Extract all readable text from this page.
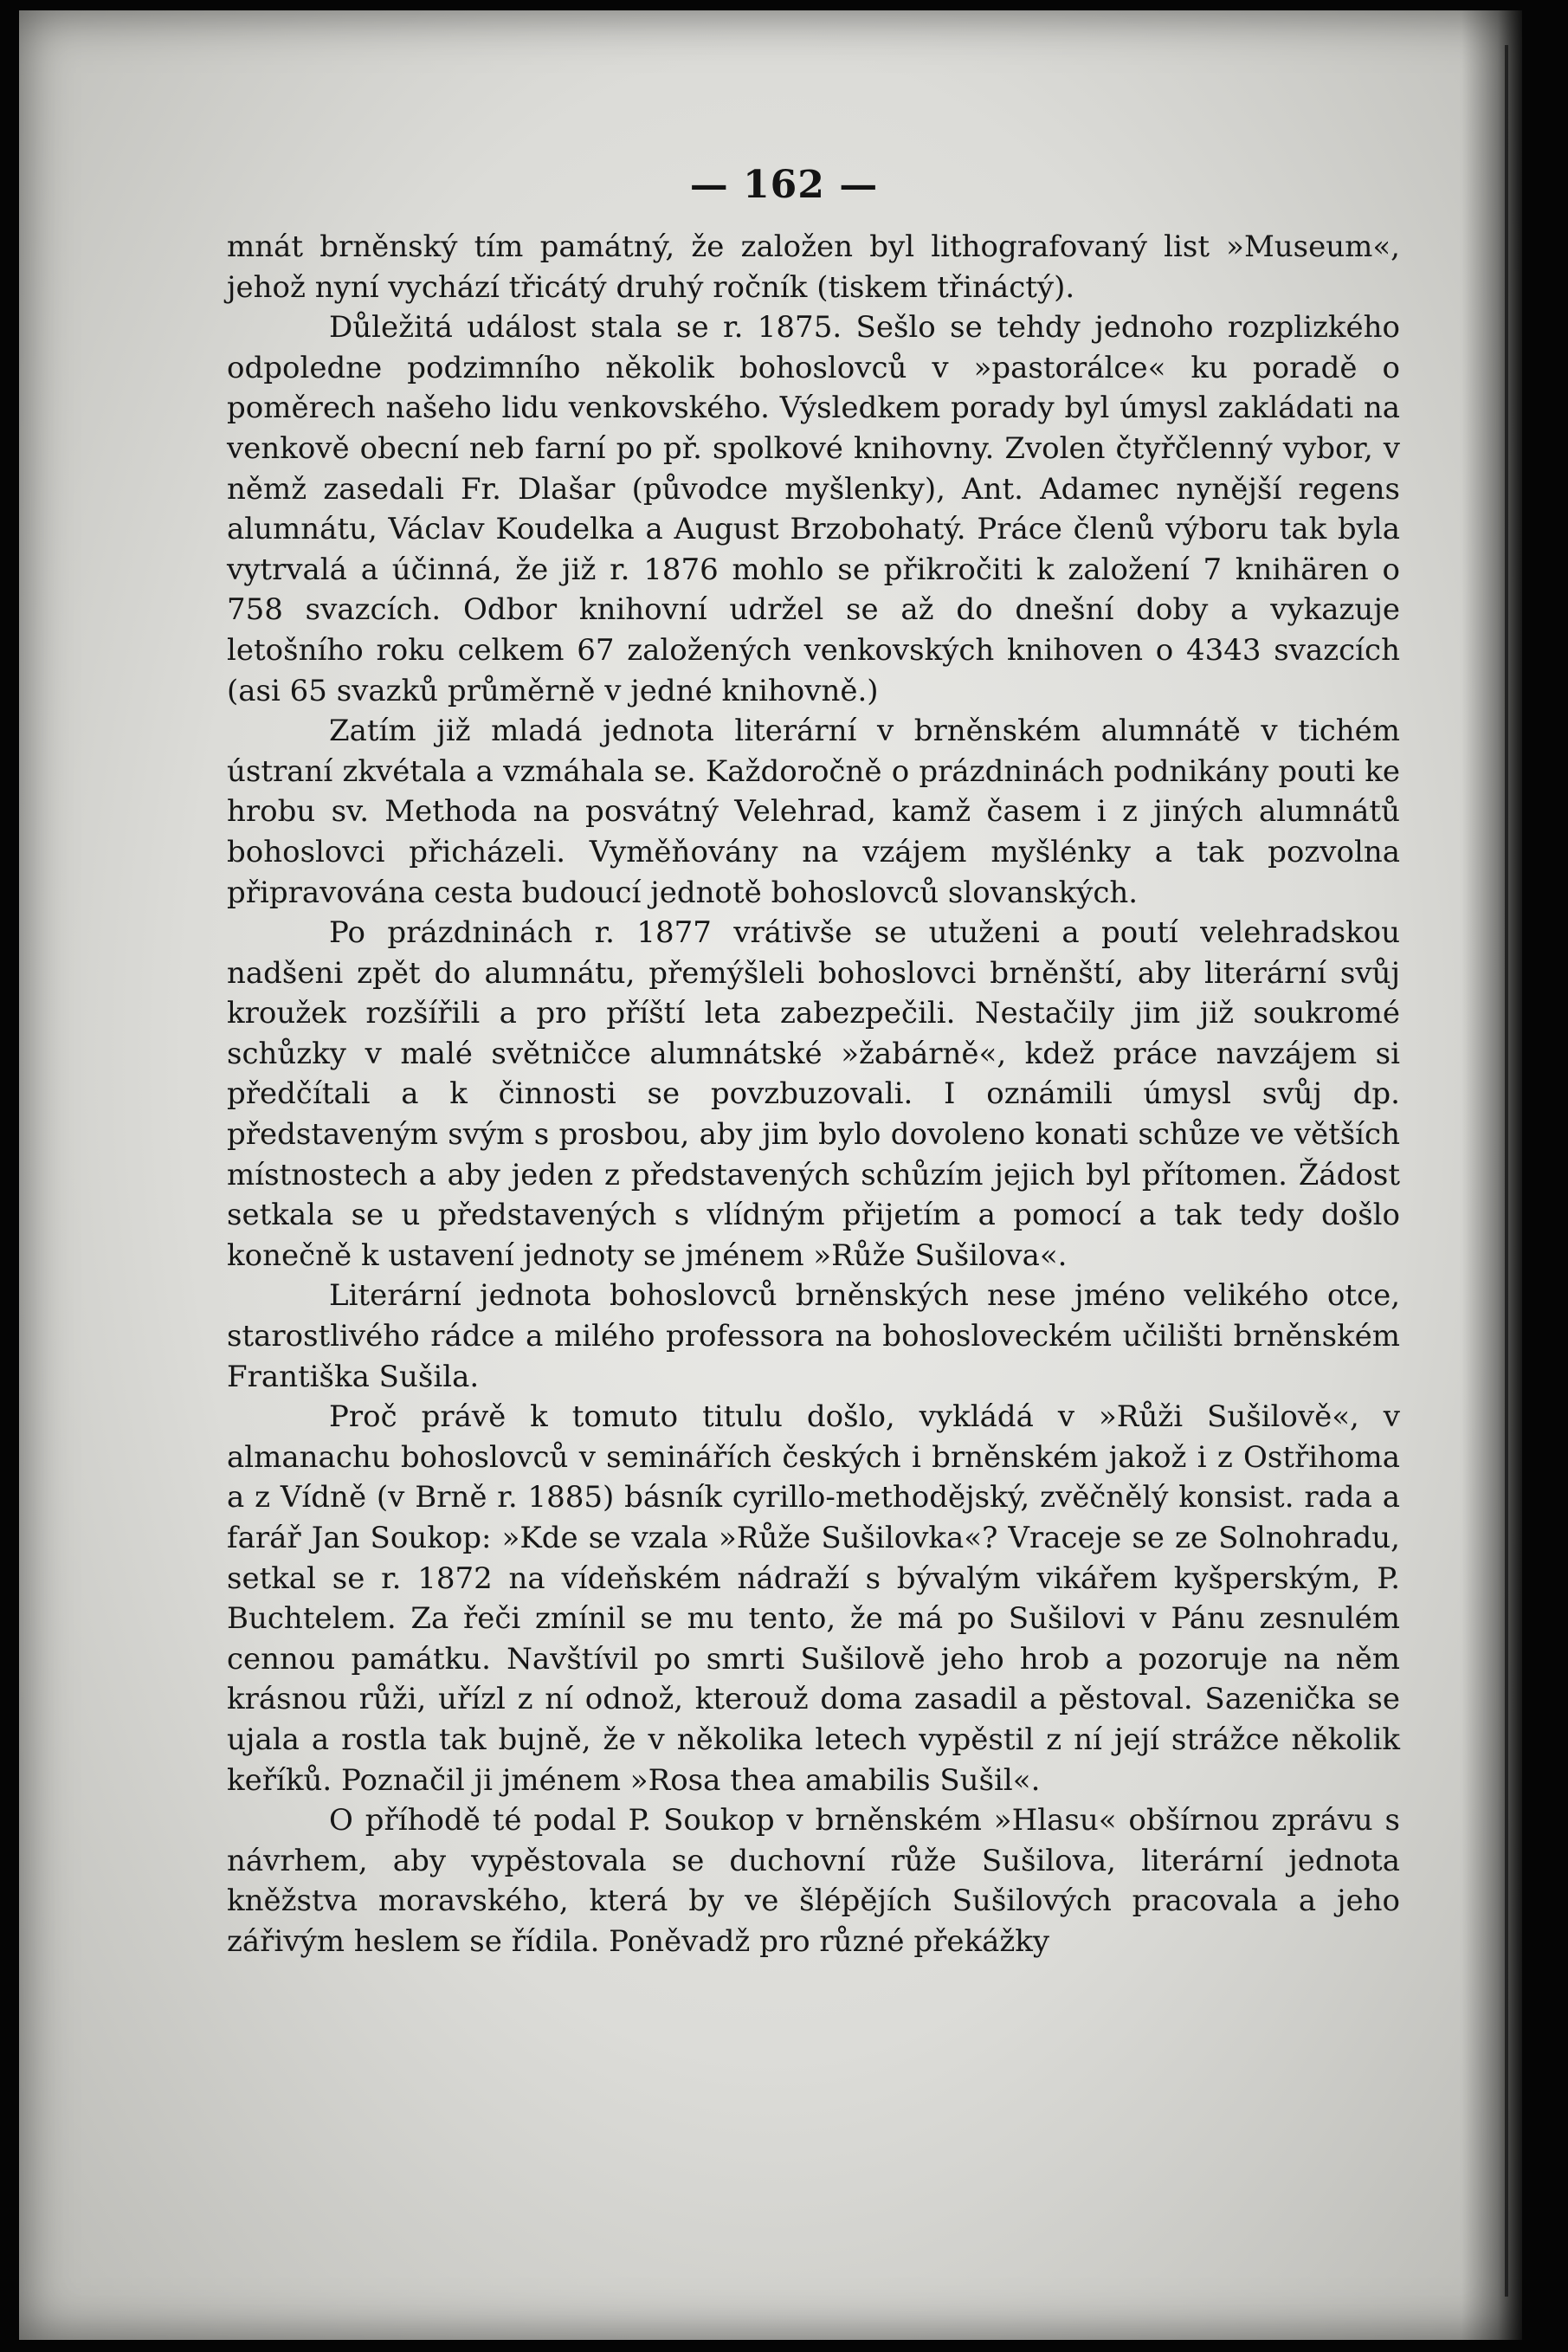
— 162 —

mnát brněnský tím památný, že založen byl lithografovaný list »Museum«, jehož nyní vychází třicátý druhý ročník (tiskem třináctý).

Důležitá událost stala se r. 1875. Sešlo se tehdy jednoho rozplizkého odpoledne podzimního několik bohoslovců v »pastorálce« ku poradě o poměrech našeho lidu venkovského. Výsledkem porady byl úmysl zakládati na venkově obecní neb farní po př. spolkové knihovny. Zvolen čtyřčlenný vybor, v němž zasedali Fr. Dlašar (původce myšlenky), Ant. Adamec nynější regens alumnátu, Václav Koudelka a August Brzobohatý. Práce členů výboru tak byla vytrvalá a účinná, že již r. 1876 mohlo se přikročiti k založení 7 knihären o 758 svazcích. Odbor knihovní udržel se až do dnešní doby a vykazuje letošního roku celkem 67 založených venkovských knihoven o 4343 svazcích (asi 65 svazků průměrně v jedné knihovně.)

Zatím již mladá jednota literární v brněnském alumnátě v tichém ústraní zkvétala a vzmáhala se. Každoročně o prázdninách podnikány pouti ke hrobu sv. Methoda na posvátný Velehrad, kamž časem i z jiných alumnátů bohoslovci přicházeli. Vyměňovány na vzájem myšlénky a tak pozvolna připravována cesta budoucí jednotě bohoslovců slovanských.

Po prázdninách r. 1877 vrátivše se utuženi a poutí velehradskou nadšeni zpět do alumnátu, přemýšleli bohoslovci brněnští, aby literární svůj kroužek rozšířili a pro příští leta zabezpečili. Nestačily jim již soukromé schůzky v malé světničce alumnátské »žabárně«, kdež práce navzájem si předčítali a k činnosti se povzbuzovali. I oznámili úmysl svůj dp. představeným svým s prosbou, aby jim bylo dovoleno konati schůze ve větších místnostech a aby jeden z představených schůzím jejich byl přítomen. Žádost setkala se u představených s vlídným přijetím a pomocí a tak tedy došlo konečně k ustavení jednoty se jménem »Růže Sušilova«.

Literární jednota bohoslovců brněnských nese jméno velikého otce, starostlivého rádce a milého professora na bohosloveckém učilišti brněnském Františka Sušila.

Proč právě k tomuto titulu došlo, vykládá v »Růži Sušilově«, v almanachu bohoslovců v seminářích českých i brněnském jakož i z Ostřihoma a z Vídně (v Brně r. 1885) básník cyrillo-methodějský, zvěčnělý konsist. rada a farář Jan Soukop: »Kde se vzala »Růže Sušilovka«? Vraceje se ze Solnohradu, setkal se r. 1872 na vídeňském nádraží s bývalým vikářem kyšperským, P. Buchtelem. Za řeči zmínil se mu tento, že má po Sušilovi v Pánu zesnulém cennou památku. Navštívil po smrti Sušilově jeho hrob a pozoruje na něm krásnou růži, uřízl z ní odnož, kterouž doma zasadil a pěstoval. Sazenička se ujala a rostla tak bujně, že v několika letech vypěstil z ní její strážce několik keříků. Poznačil ji jménem »Rosa thea amabilis Sušil«.

O příhodě té podal P. Soukop v brněnském »Hlasu« obšírnou zprávu s návrhem, aby vypěstovala se duchovní růže Sušilova, literární jednota kněžstva moravského, která by ve šlépějích Sušilových pracovala a jeho zářivým heslem se řídila. Poněvadž pro různé překážky
